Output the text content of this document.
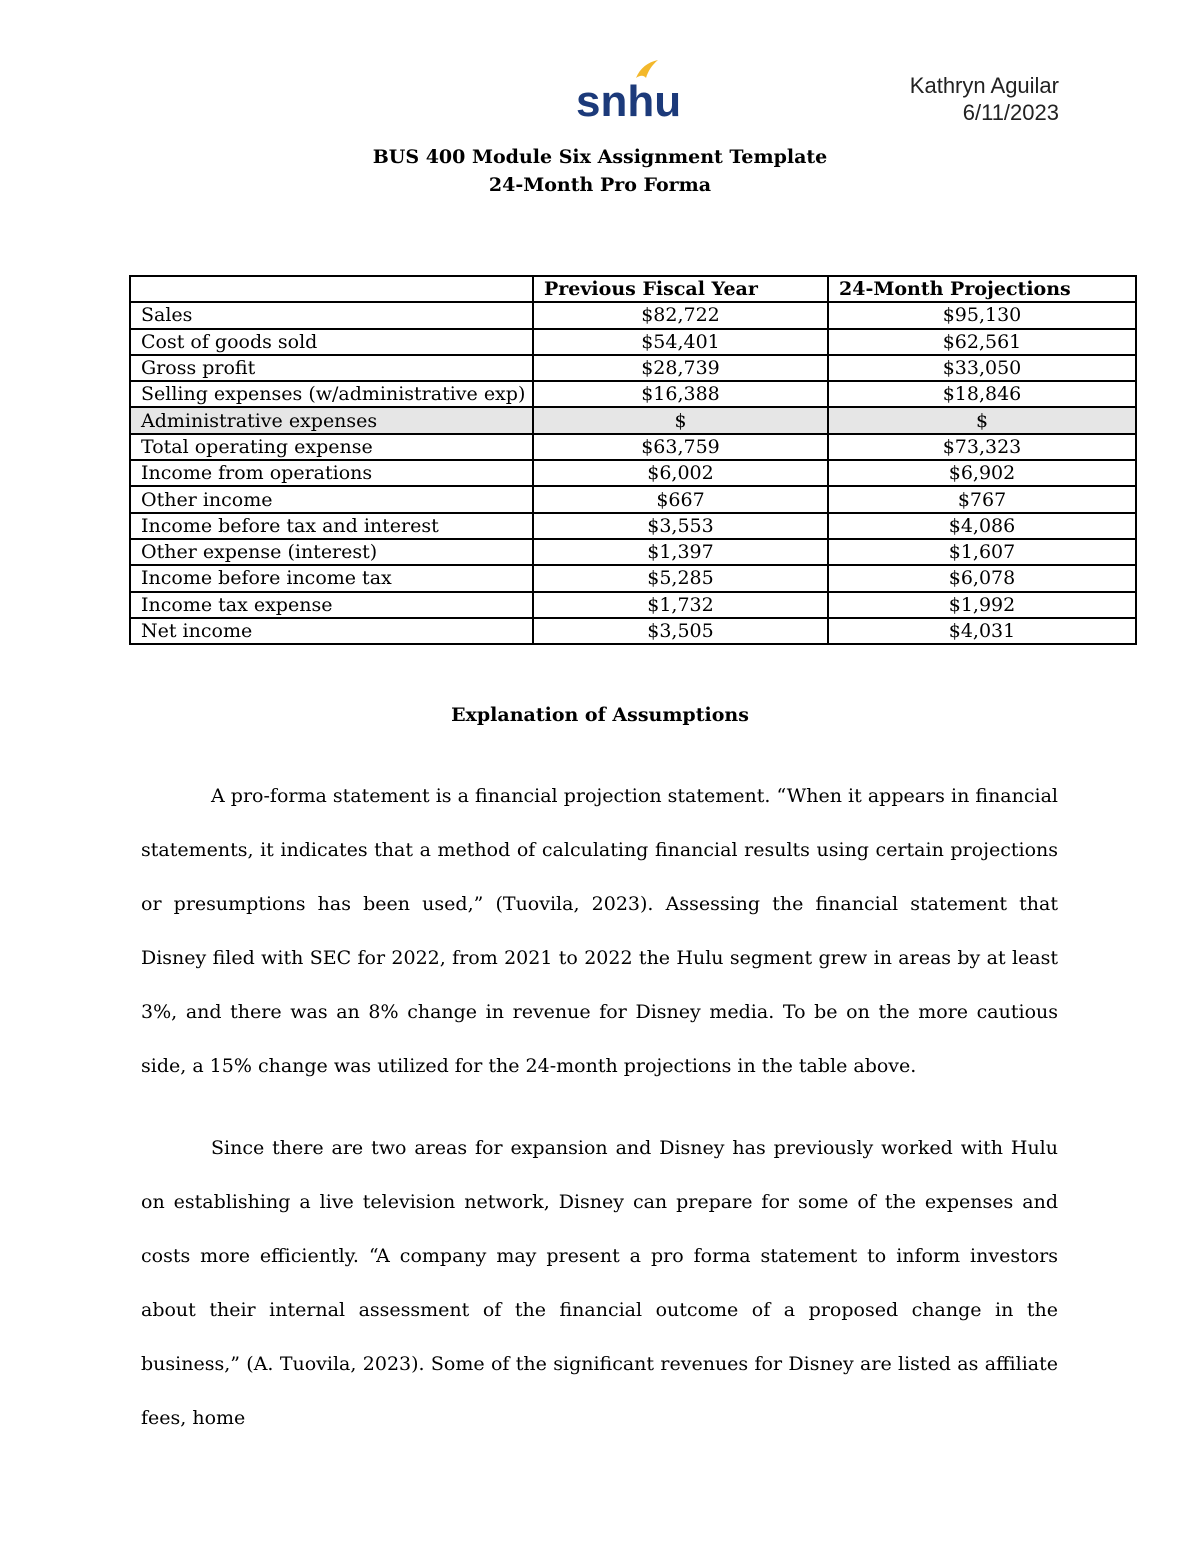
snhu	Kathryn Aguilar
6/11/2023
BUS 400 Module Six Assignment Template
24-Month Pro Forma
	Previous Fiscal Year	24-Month Projections
Sales	$82,722	$95,130
Cost of goods sold	$54,401	$62,561
Gross profit	$28,739	$33,050
Selling expenses (w/administrative exp)	$16,388	$18,846
Administrative expenses	$	$
Total operating expense	$63,759	$73,323
Income from operations	$6,002	$6,902
Other income	$667	$767
Income before tax and interest	$3,553	$4,086
Other expense (interest)	$1,397	$1,607
Income before income tax	$5,285	$6,078
Income tax expense	$1,732	$1,992
Net income	$3,505	$4,031
Explanation of Assumptions

A pro-forma statement is a financial projection statement. “When it appears in financial statements, it indicates that a method of calculating financial results using certain projections or presumptions has been used,” (Tuovila, 2023). Assessing the financial statement that Disney filed with SEC for 2022, from 2021 to 2022 the Hulu segment grew in areas by at least 3%, and there was an 8% change in revenue for Disney media. To be on the more cautious side, a 15% change was utilized for the 24-month projections in the table above.

Since there are two areas for expansion and Disney has previously worked with Hulu on establishing a live television network, Disney can prepare for some of the expenses and costs more efficiently. “A company may present a pro forma statement to inform investors about their internal assessment of the financial outcome of a proposed change in the business,” (A. Tuovila, 2023). Some of the significant revenues for Disney are listed as affiliate fees, home
